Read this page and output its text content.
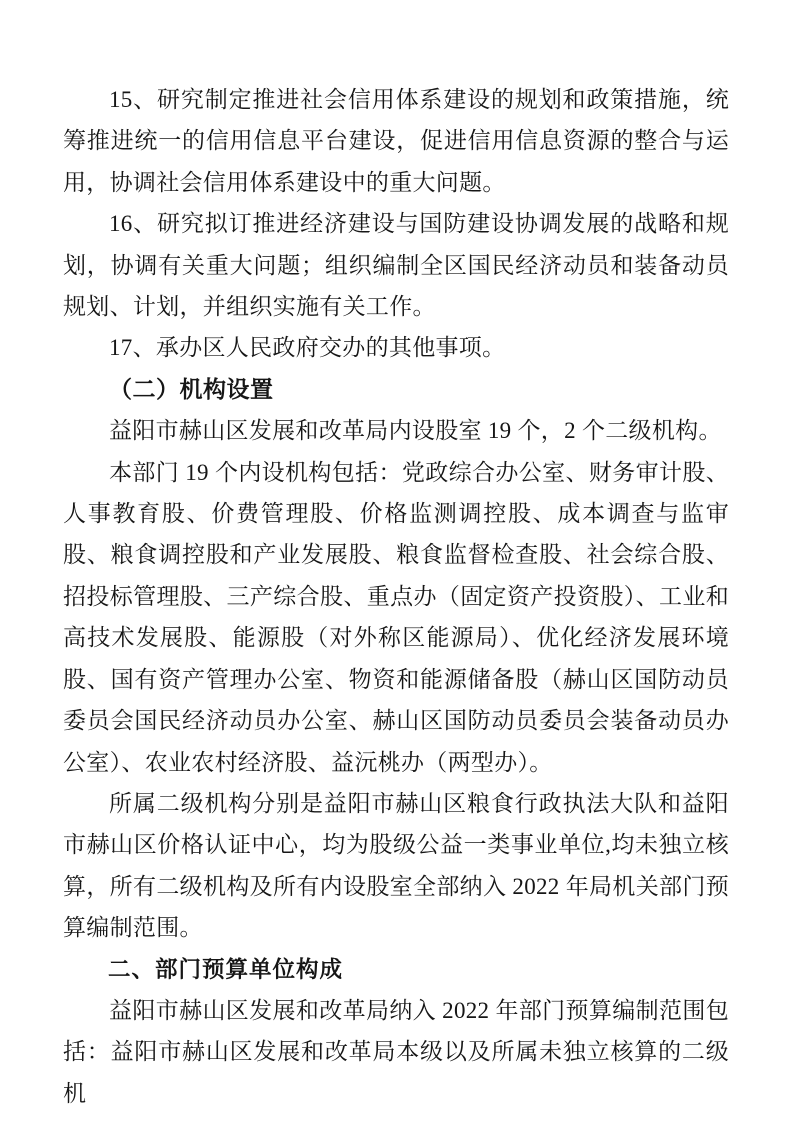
15、研究制定推进社会信用体系建设的规划和政策措施，统筹推进统一的信用信息平台建设，促进信用信息资源的整合与运用，协调社会信用体系建设中的重大问题。

16、研究拟订推进经济建设与国防建设协调发展的战略和规划，协调有关重大问题；组织编制全区国民经济动员和装备动员规划、计划，并组织实施有关工作。

17、承办区人民政府交办的其他事项。

（二）机构设置

益阳市赫山区发展和改革局内设股室 19 个，2 个二级机构。

本部门 19 个内设机构包括：党政综合办公室、财务审计股、人事教育股、价费管理股、价格监测调控股、成本调查与监审股、粮食调控股和产业发展股、粮食监督检查股、社会综合股、招投标管理股、三产综合股、重点办（固定资产投资股）、工业和高技术发展股、能源股（对外称区能源局）、优化经济发展环境股、国有资产管理办公室、物资和能源储备股（赫山区国防动员委员会国民经济动员办公室、赫山区国防动员委员会装备动员办公室）、农业农村经济股、益沅桃办（两型办）。

所属二级机构分别是益阳市赫山区粮食行政执法大队和益阳市赫山区价格认证中心，均为股级公益一类事业单位,均未独立核算，所有二级机构及所有内设股室全部纳入 2022 年局机关部门预算编制范围。

二、部门预算单位构成

益阳市赫山区发展和改革局纳入 2022 年部门预算编制范围包括：益阳市赫山区发展和改革局本级以及所属未独立核算的二级机
